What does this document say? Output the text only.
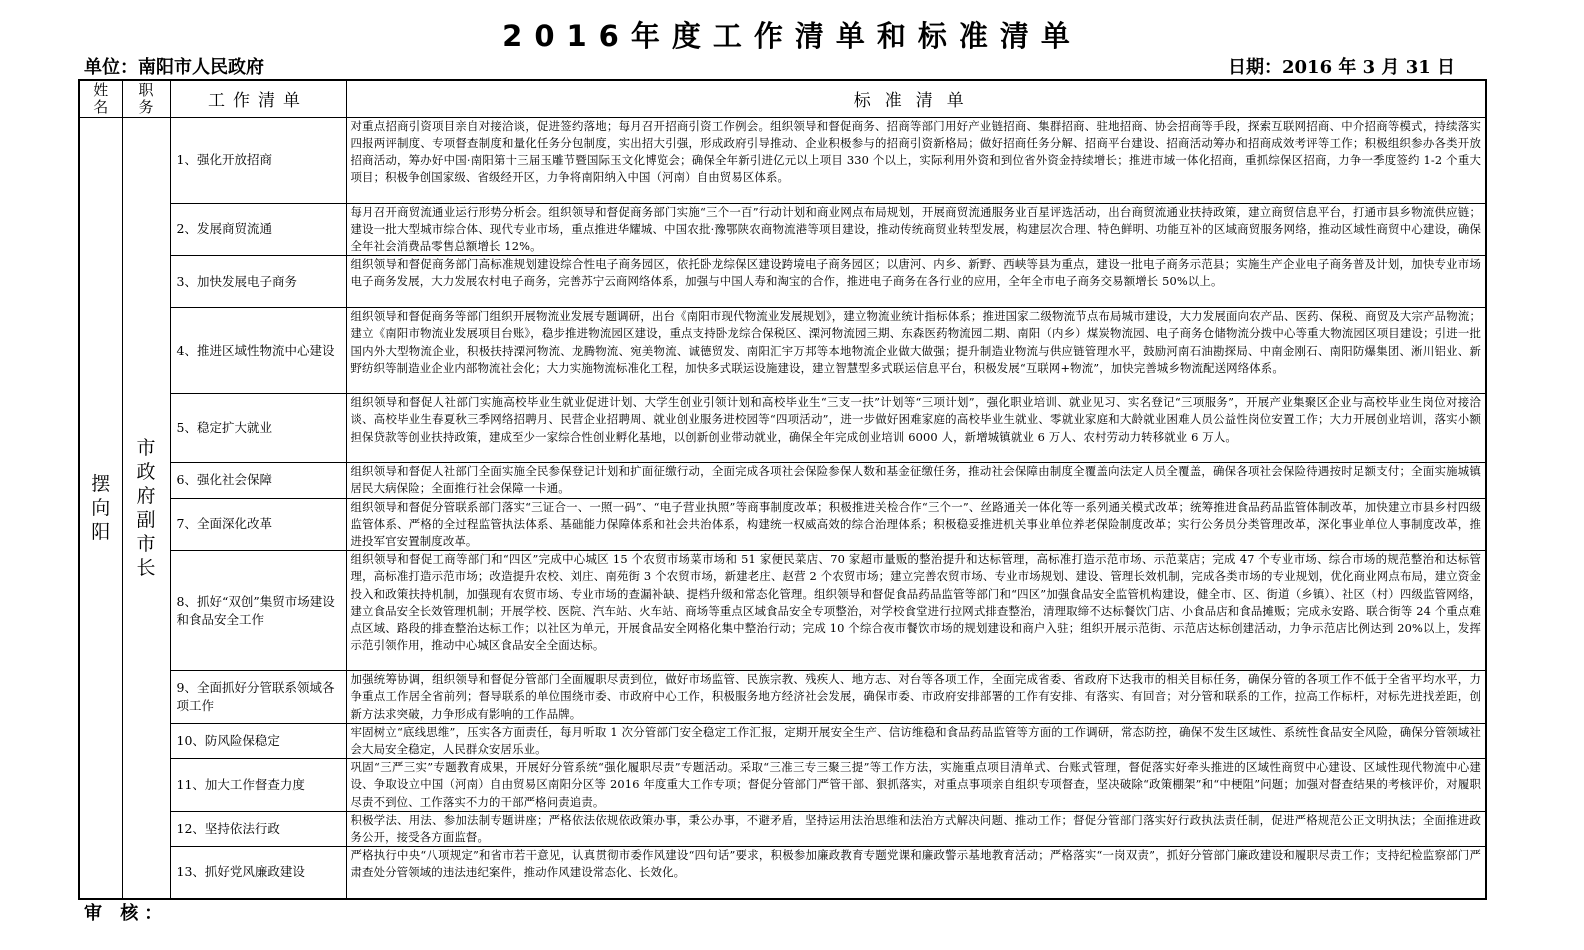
2016年度工作清单和标准清单
单位：南阳市人民政府	日期：2016 年 3 月 31 日
姓名	职务	工作清单	标准清单
摆向阳	市政府副市长	1、强化开放招商	对重点招商引资项目亲自对接洽谈，促进签约落地；每月召开招商引资工作例会。组织领导和督促商务、招商等部门用好产业链招商、集群招商、驻地招商、协会招商等手段，探索互联网招商、中介招商等模式，持续落实四报两评制度、专项督查制度和量化任务分包制度，实出招大引强，形成政府引导推动、企业积极参与的招商引资新格局；做好招商任务分解、招商平台建设、招商活动筹办和招商成效考评等工作；积极组织参办各类开放招商活动，筹办好中国·南阳第十三届玉雕节暨国际玉文化博览会；确保全年新引进亿元以上项目 330 个以上，实际利用外资和到位省外资金持续增长；推进市域一体化招商，重抓综保区招商，力争一季度签约 1-2 个重大项目；积极争创国家级、省级经开区，力争将南阳纳入中国（河南）自由贸易区体系。
		2、发展商贸流通	每月召开商贸流通业运行形势分析会。组织领导和督促商务部门实施“三个一百”行动计划和商业网点布局规划，开展商贸流通服务业百星评选活动，出台商贸流通业扶持政策，建立商贸信息平台，打通市县乡物流供应链；建设一批大型城市综合体、现代专业市场，重点推进华耀城、中国农批·豫鄂陕农商物流港等项目建设，推动传统商贸业转型发展，构建层次合理、特色鲜明、功能互补的区域商贸服务网络，推动区域性商贸中心建设，确保全年社会消费品零售总额增长 12%。
		3、加快发展电子商务	组织领导和督促商务部门高标准规划建设综合性电子商务园区，依托卧龙综保区建设跨境电子商务园区；以唐河、内乡、新野、西峡等县为重点，建设一批电子商务示范县；实施生产企业电子商务普及计划，加快专业市场电子商务发展，大力发展农村电子商务，完善苏宁云商网络体系，加强与中国人寿和淘宝的合作，推进电子商务在各行业的应用，全年全市电子商务交易额增长 50%以上。
		4、推进区域性物流中心建设	组织领导和督促商务等部门组织开展物流业发展专题调研，出台《南阳市现代物流业发展规划》，建立物流业统计指标体系；推进国家二级物流节点布局城市建设，大力发展面向农产品、医药、保税、商贸及大宗产品物流；建立《南阳市物流业发展项目台账》，稳步推进物流园区建设，重点支持卧龙综合保税区、溧河物流园三期、东森医药物流园二期、南阳（内乡）煤炭物流园、电子商务仓储物流分拨中心等重大物流园区项目建设；引进一批国内外大型物流企业，积极扶持溧河物流、龙腾物流、宛美物流、诚德贸发、南阳汇宇万邦等本地物流企业做大做强；提升制造业物流与供应链管理水平，鼓励河南石油勘探局、中南金刚石、南阳防爆集团、淅川铝业、新野纺织等制造业企业内部物流社会化；大力实施物流标准化工程，加快多式联运设施建设，建立智慧型多式联运信息平台，积极发展“互联网+物流”，加快完善城乡物流配送网络体系。
		5、稳定扩大就业	组织领导和督促人社部门实施高校毕业生就业促进计划、大学生创业引领计划和高校毕业生“三支一扶”计划等“三项计划”，强化职业培训、就业见习、实名登记“三项服务”，开展产业集聚区企业与高校毕业生岗位对接洽谈、高校毕业生春夏秋三季网络招聘月、民营企业招聘周、就业创业服务进校园等“四项活动”，进一步做好困难家庭的高校毕业生就业、零就业家庭和大龄就业困难人员公益性岗位安置工作；大力开展创业培训，落实小额担保贷款等创业扶持政策，建成至少一家综合性创业孵化基地，以创新创业带动就业，确保全年完成创业培训 6000 人，新增城镇就业 6 万人、农村劳动力转移就业 6 万人。
		6、强化社会保障	组织领导和督促人社部门全面实施全民参保登记计划和扩面征缴行动，全面完成各项社会保险参保人数和基金征缴任务，推动社会保障由制度全覆盖向法定人员全覆盖，确保各项社会保险待遇按时足额支付；全面实施城镇居民大病保险；全面推行社会保障一卡通。
		7、全面深化改革	组织领导和督促分管联系部门落实“三证合一、一照一码”、“电子营业执照”等商事制度改革；积极推进关检合作“三个一”、丝路通关一体化等一系列通关模式改革；统筹推进食品药品监管体制改革，加快建立市县乡村四级监管体系、严格的全过程监管执法体系、基础能力保障体系和社会共治体系，构建统一权威高效的综合治理体系；积极稳妥推进机关事业单位养老保险制度改革；实行公务员分类管理改革，深化事业单位人事制度改革，推进投军官安置制度改革。
		8、抓好“双创”集贸市场建设和食品安全工作	组织领导和督促工商等部门和“四区”完成中心城区 15 个农贸市场菜市场和 51 家便民菜店、70 家超市量贩的整治提升和达标管理，高标准打造示范市场、示范菜店；完成 47 个专业市场、综合市场的规范整治和达标管理，高标准打造示范市场；改造提升农校、刘庄、南苑街 3 个农贸市场，新建老庄、赵营 2 个农贸市场；建立完善农贸市场、专业市场规划、建设、管理长效机制，完成各类市场的专业规划，优化商业网点布局，建立资金投入和政策扶持机制，加强现有农贸市场、专业市场的查漏补缺、提档升级和常态化管理。组织领导和督促食品药品监管等部门和“四区”加强食品安全监管机构建设，健全市、区、街道（乡镇）、社区（村）四级监管网络，建立食品安全长效管理机制；开展学校、医院、汽车站、火车站、商场等重点区域食品安全专项整治，对学校食堂进行拉网式排查整治，清理取缔不达标餐饮门店、小食品店和食品摊贩；完成永安路、联合街等 24 个重点难点区域、路段的排查整治达标工作；以社区为单元，开展食品安全网格化集中整治行动；完成 10 个综合夜市餐饮市场的规划建设和商户入驻；组织开展示范街、示范店达标创建活动，力争示范店比例达到 20%以上，发挥示范引领作用，推动中心城区食品安全全面达标。
		9、全面抓好分管联系领域各项工作	加强统筹协调，组织领导和督促分管部门全面履职尽责到位，做好市场监管、民族宗教、残疾人、地方志、对台等各项工作，全面完成省委、省政府下达我市的相关目标任务，确保分管的各项工作不低于全省平均水平，力争重点工作居全省前列；督导联系的单位围绕市委、市政府中心工作，积极服务地方经济社会发展，确保市委、市政府安排部署的工作有安排、有落实、有回音；对分管和联系的工作，拉高工作标杆，对标先进找差距，创新方法求突破，力争形成有影响的工作品牌。
		10、防风险保稳定	牢固树立“底线思维”，压实各方面责任，每月听取 1 次分管部门安全稳定工作汇报，定期开展安全生产、信访维稳和食品药品监管等方面的工作调研，常态防控，确保不发生区域性、系统性食品安全风险，确保分管领域社会大局安全稳定，人民群众安居乐业。
		11、加大工作督查力度	巩固“三严三实”专题教育成果，开展好分管系统“强化履职尽责”专题活动。采取“三准三专三聚三提”等工作方法，实施重点项目清单式、台账式管理，督促落实好牵头推进的区域性商贸中心建设、区域性现代物流中心建设、争取设立中国（河南）自由贸易区南阳分区等 2016 年度重大工作专项；督促分管部门严管干部、狠抓落实，对重点事项亲自组织专项督查，坚决破除“政策棚架”和“中梗阻”问题；加强对督查结果的考核评价，对履职尽责不到位、工作落实不力的干部严格问责追责。
		12、坚持依法行政	积极学法、用法、参加法制专题讲座；严格依法依规依政策办事，秉公办事，不避矛盾，坚持运用法治思维和法治方式解决问题、推动工作；督促分管部门落实好行政执法责任制，促进严格规范公正文明执法；全面推进政务公开，接受各方面监督。
		13、抓好党风廉政建设	严格执行中央“八项规定”和省市若干意见，认真贯彻市委作风建设“四句话”要求，积极参加廉政教育专题党课和廉政警示基地教育活动；严格落实“一岗双责”，抓好分管部门廉政建设和履职尽责工作；支持纪检监察部门严肃查处分管领域的违法违纪案件，推动作风建设常态化、长效化。
审 核：
